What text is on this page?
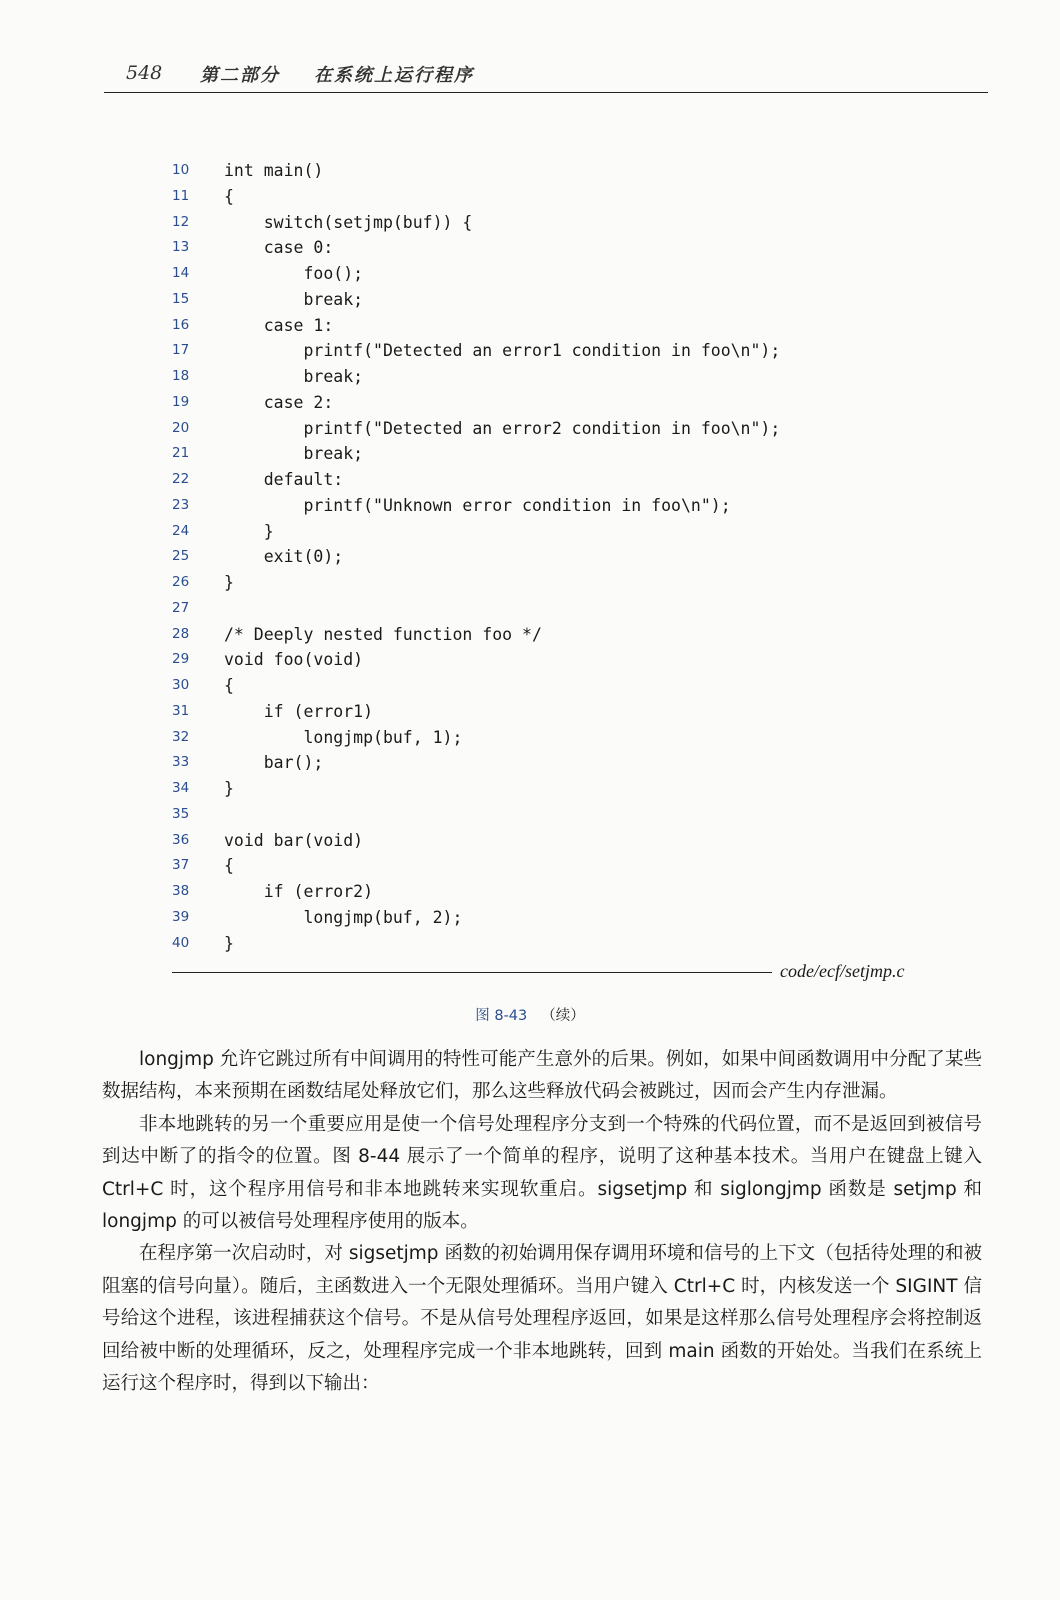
548 第二部分 在系统上运行程序
10 int main()
11 {
12 switch(setjmp(buf)) {
13 case 0:
14 foo();
15 break;
16 case 1:
17 printf("Detected an error1 condition in foo\n");
18 break;
19 case 2:
20 printf("Detected an error2 condition in foo\n");
21 break;
22 default:
23 printf("Unknown error condition in foo\n");
24 }
25 exit(0);
26 }
27
28 /* Deeply nested function foo */
29 void foo(void)
30 {
31 if (error1)
32 longjmp(buf, 1);
33 bar();
34 }
35
36 void bar(void)
37 {
38 if (error2)
39 longjmp(buf, 2);
40 }
code/ecf/setjmp.c
图 8-43 （续）

longjmp 允许它跳过所有中间调用的特性可能产生意外的后果。例如，如果中间函数调用中分配了某些数据结构，本来预期在函数结尾处释放它们，那么这些释放代码会被跳过，因而会产生内存泄漏。

非本地跳转的另一个重要应用是使一个信号处理程序分支到一个特殊的代码位置，而不是返回到被信号到达中断了的指令的位置。图 8-44 展示了一个简单的程序，说明了这种基本技术。当用户在键盘上键入 Ctrl+C 时，这个程序用信号和非本地跳转来实现软重启。sigsetjmp 和 siglongjmp 函数是 setjmp 和 longjmp 的可以被信号处理程序使用的版本。

在程序第一次启动时，对 sigsetjmp 函数的初始调用保存调用环境和信号的上下文（包括待处理的和被阻塞的信号向量）。随后，主函数进入一个无限处理循环。当用户键入 Ctrl+C 时，内核发送一个 SIGINT 信号给这个进程，该进程捕获这个信号。不是从信号处理程序返回，如果是这样那么信号处理程序会将控制返回给被中断的处理循环，反之，处理程序完成一个非本地跳转，回到 main 函数的开始处。当我们在系统上运行这个程序时，得到以下输出：
